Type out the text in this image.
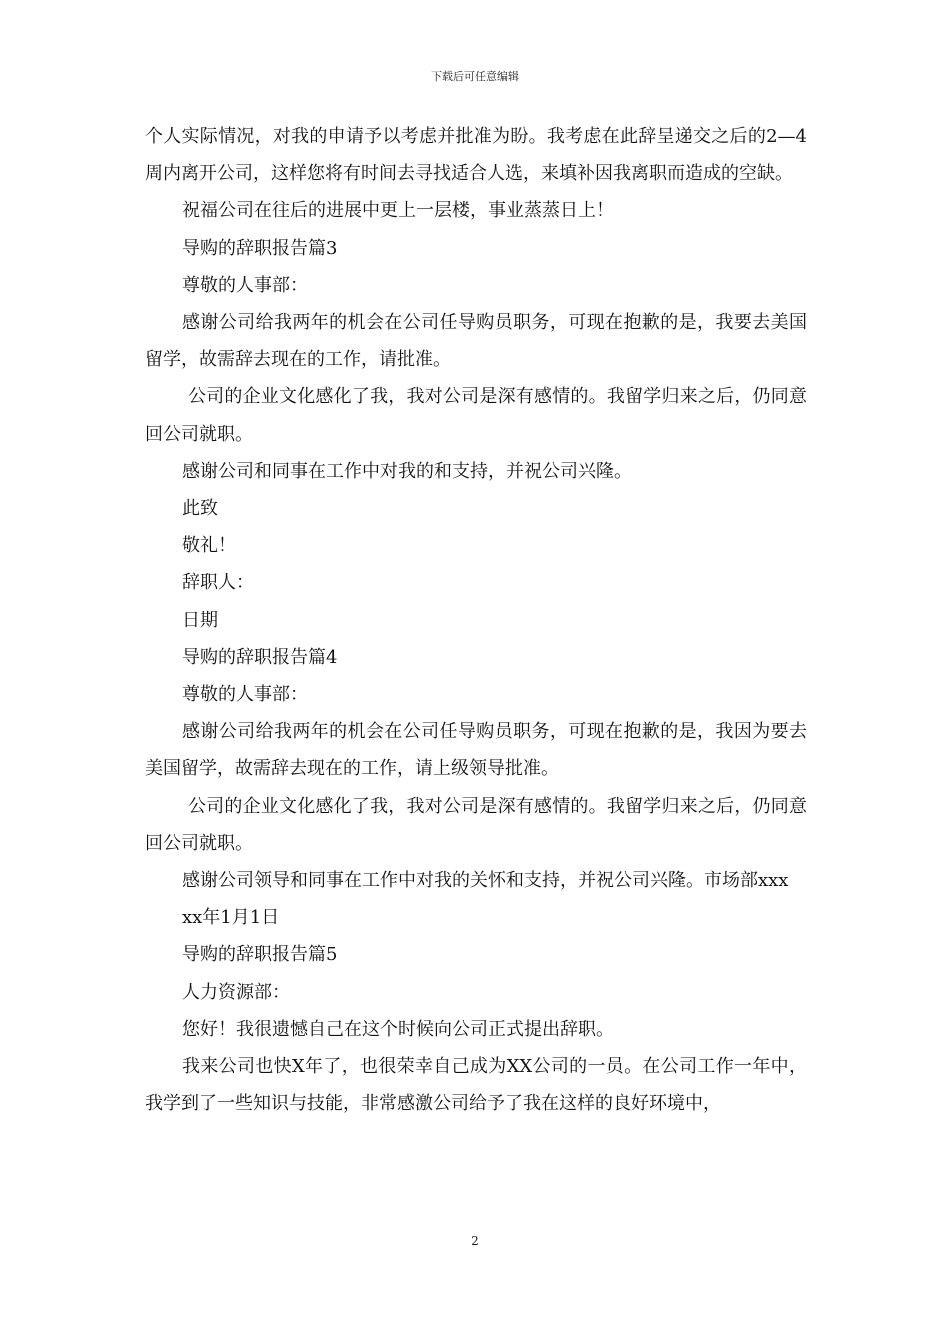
下载后可任意编辑

个人实际情况，对我的申请予以考虑并批准为盼。我考虑在此辞呈递交之后的2—4周内离开公司，这样您将有时间去寻找适合人选，来填补因我离职而造成的空缺。

祝福公司在往后的进展中更上一层楼，事业蒸蒸日上！

导购的辞职报告篇3

尊敬的人事部：

感谢公司给我两年的机会在公司任导购员职务，可现在抱歉的是，我要去美国留学，故需辞去现在的工作，请批准。

公司的企业文化感化了我，我对公司是深有感情的。我留学归来之后，仍同意回公司就职。

感谢公司和同事在工作中对我的和支持，并祝公司兴隆。

此致

敬礼！

辞职人：

日期

导购的辞职报告篇4

尊敬的人事部：

感谢公司给我两年的机会在公司任导购员职务，可现在抱歉的是，我因为要去美国留学，故需辞去现在的工作，请上级领导批准。

公司的企业文化感化了我，我对公司是深有感情的。我留学归来之后，仍同意回公司就职。

感谢公司领导和同事在工作中对我的关怀和支持，并祝公司兴隆。市场部xxx

xx年1月1日

导购的辞职报告篇5

人力资源部：

您好！我很遗憾自己在这个时候向公司正式提出辞职。

我来公司也快X年了，也很荣幸自己成为XX公司的一员。在公司工作一年中，我学到了一些知识与技能，非常感激公司给予了我在这样的良好环境中，

2
